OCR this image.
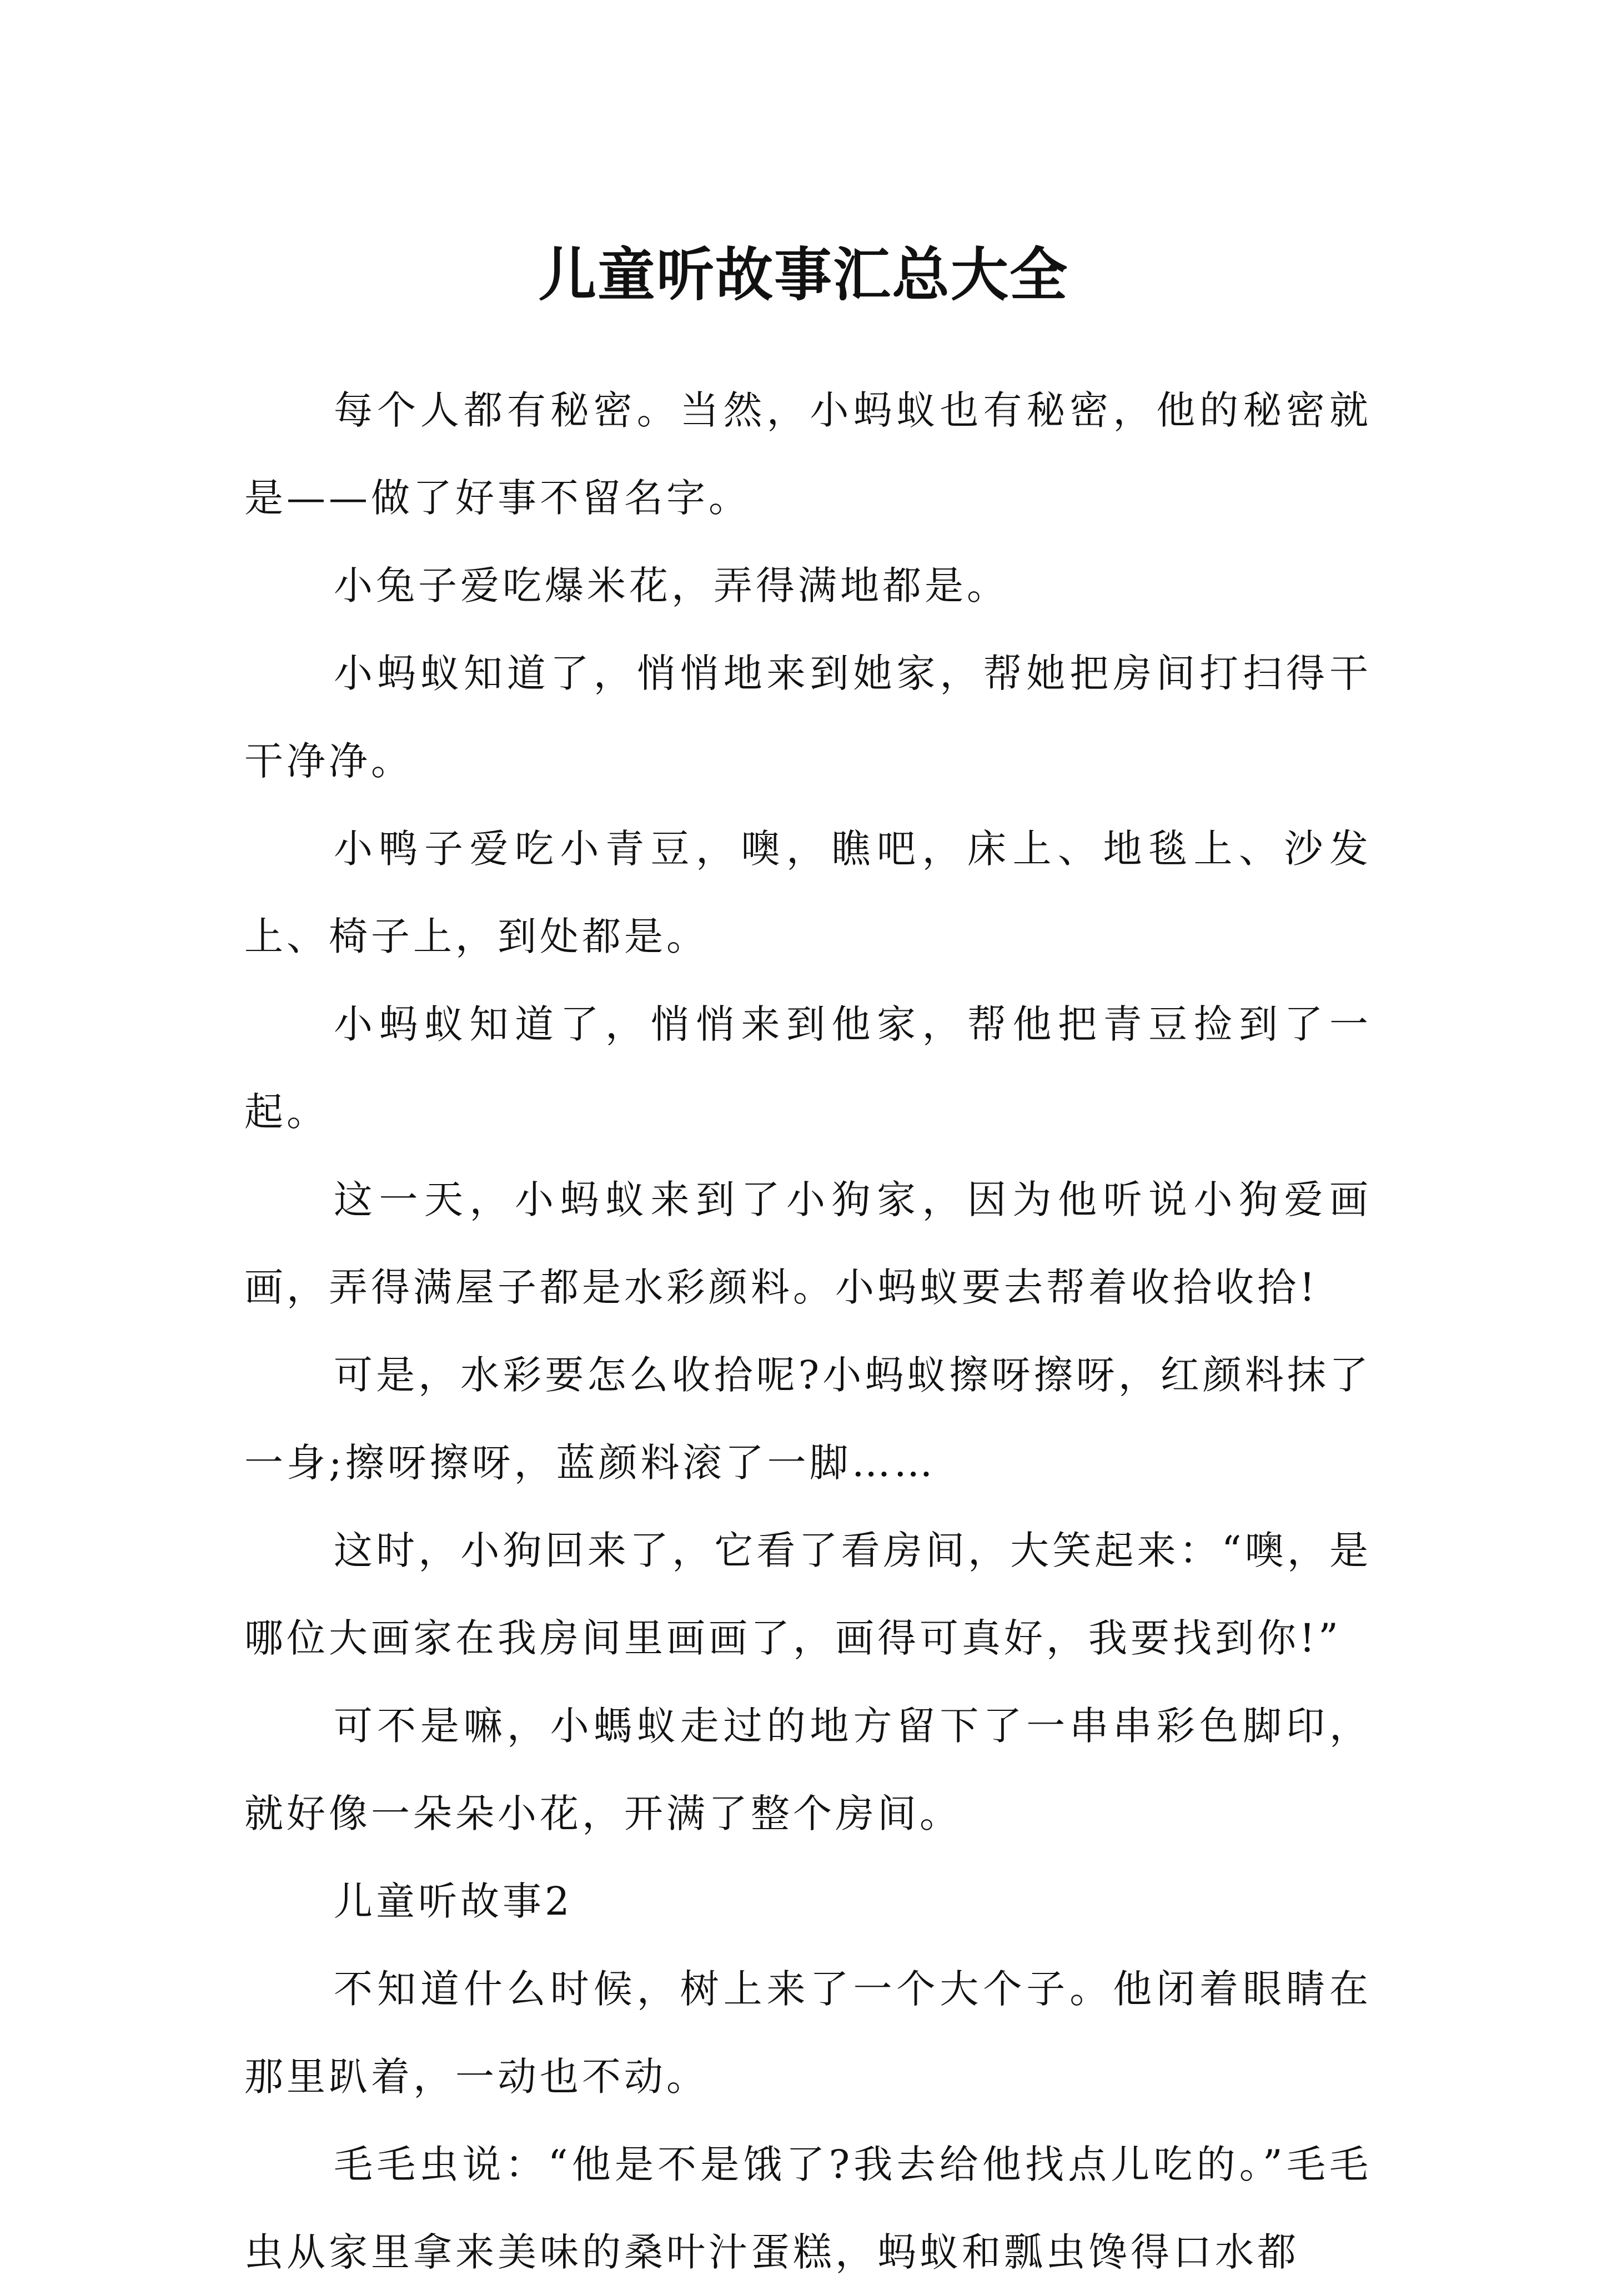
儿童听故事汇总大全

每个人都有秘密。当然，小蚂蚁也有秘密，他的秘密就是——做了好事不留名字。

小兔子爱吃爆米花，弄得满地都是。

小蚂蚁知道了，悄悄地来到她家，帮她把房间打扫得干干净净。

小鸭子爱吃小青豆，噢，瞧吧，床上、地毯上、沙发上、椅子上，到处都是。

小蚂蚁知道了，悄悄来到他家，帮他把青豆捡到了一起。

这一天，小蚂蚁来到了小狗家，因为他听说小狗爱画画，弄得满屋子都是水彩颜料。小蚂蚁要去帮着收拾收拾!

可是，水彩要怎么收拾呢?小蚂蚁擦呀擦呀，红颜料抹了一身;擦呀擦呀，蓝颜料滚了一脚……

这时，小狗回来了，它看了看房间，大笑起来：“噢，是哪位大画家在我房间里画画了，画得可真好，我要找到你!”

可不是嘛，小螞蚁走过的地方留下了一串串彩色脚印，就好像一朵朵小花，开满了整个房间。

儿童听故事2

不知道什么时候，树上来了一个大个子。他闭着眼睛在那里趴着，一动也不动。

毛毛虫说：“他是不是饿了?我去给他找点儿吃的。”毛毛虫从家里拿来美味的桑叶汁蛋糕，蚂蚁和瓢虫馋得口水都
